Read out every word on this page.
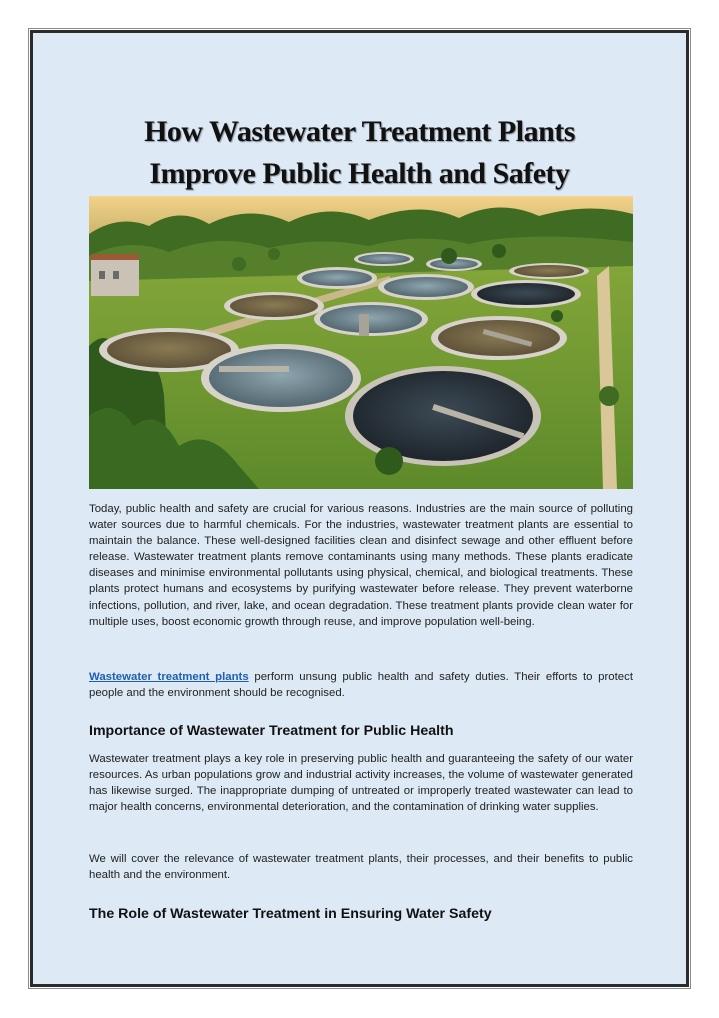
How Wastewater Treatment Plants
Improve Public Health and Safety

Today, public health and safety are crucial for various reasons. Industries are the main source of polluting water sources due to harmful chemicals. For the industries, wastewater treatment plants are essential to maintain the balance. These well-designed facilities clean and disinfect sewage and other effluent before release. Wastewater treatment plants remove contaminants using many methods. These plants eradicate diseases and minimise environmental pollutants using physical, chemical, and biological treatments. These plants protect humans and ecosystems by purifying wastewater before release. They prevent waterborne infections, pollution, and river, lake, and ocean degradation. These treatment plants provide clean water for multiple uses, boost economic growth through reuse, and improve population well-being.

Wastewater treatment plants perform unsung public health and safety duties. Their efforts to protect people and the environment should be recognised.

Importance of Wastewater Treatment for Public Health

Wastewater treatment plays a key role in preserving public health and guaranteeing the safety of our water resources. As urban populations grow and industrial activity increases, the volume of wastewater generated has likewise surged. The inappropriate dumping of untreated or improperly treated wastewater can lead to major health concerns, environmental deterioration, and the contamination of drinking water supplies.

We will cover the relevance of wastewater treatment plants, their processes, and their benefits to public health and the environment.

The Role of Wastewater Treatment in Ensuring Water Safety
